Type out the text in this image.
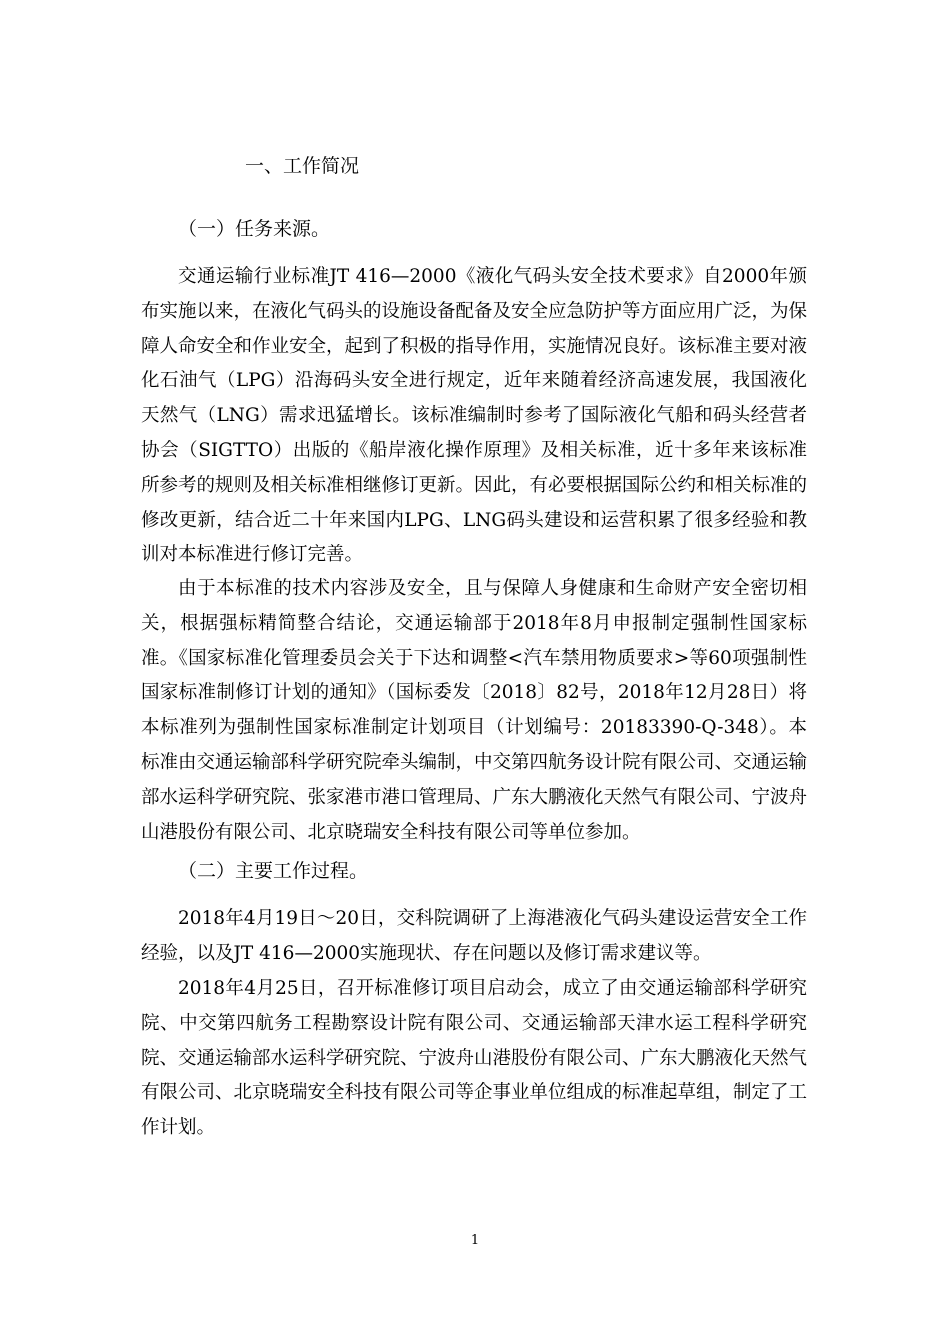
一、工作简况
（一）任务来源。

交通运输行业标准JT 416—2000《液化气码头安全技术要求》自2000年颁布实施以来，在液化气码头的设施设备配备及安全应急防护等方面应用广泛，为保障人命安全和作业安全，起到了积极的指导作用，实施情况良好。该标准主要对液化石油气（LPG）沿海码头安全进行规定，近年来随着经济高速发展，我国液化天然气（LNG）需求迅猛增长。该标准编制时参考了国际液化气船和码头经营者协会（SIGTTO）出版的《船岸液化操作原理》及相关标准，近十多年来该标准所参考的规则及相关标准相继修订更新。因此，有必要根据国际公约和相关标准的修改更新，结合近二十年来国内LPG、LNG码头建设和运营积累了很多经验和教训对本标准进行修订完善。

由于本标准的技术内容涉及安全，且与保障人身健康和生命财产安全密切相关，根据强标精简整合结论，交通运输部于2018年8月申报制定强制性国家标准。《国家标准化管理委员会关于下达和调整<汽车禁用物质要求>等60项强制性国家标准制修订计划的通知》（国标委发〔2018〕82号，2018年12月28日）将本标准列为强制性国家标准制定计划项目（计划编号：20183390-Q-348）。本标准由交通运输部科学研究院牵头编制，中交第四航务设计院有限公司、交通运输部水运科学研究院、张家港市港口管理局、广东大鹏液化天然气有限公司、宁波舟山港股份有限公司、北京晓瑞安全科技有限公司等单位参加。

（二）主要工作过程。

2018年4月19日～20日，交科院调研了上海港液化气码头建设运营安全工作经验，以及JT 416—2000实施现状、存在问题以及修订需求建议等。

2018年4月25日，召开标准修订项目启动会，成立了由交通运输部科学研究院、中交第四航务工程勘察设计院有限公司、交通运输部天津水运工程科学研究院、交通运输部水运科学研究院、宁波舟山港股份有限公司、广东大鹏液化天然气有限公司、北京晓瑞安全科技有限公司等企事业单位组成的标准起草组，制定了工作计划。

1
